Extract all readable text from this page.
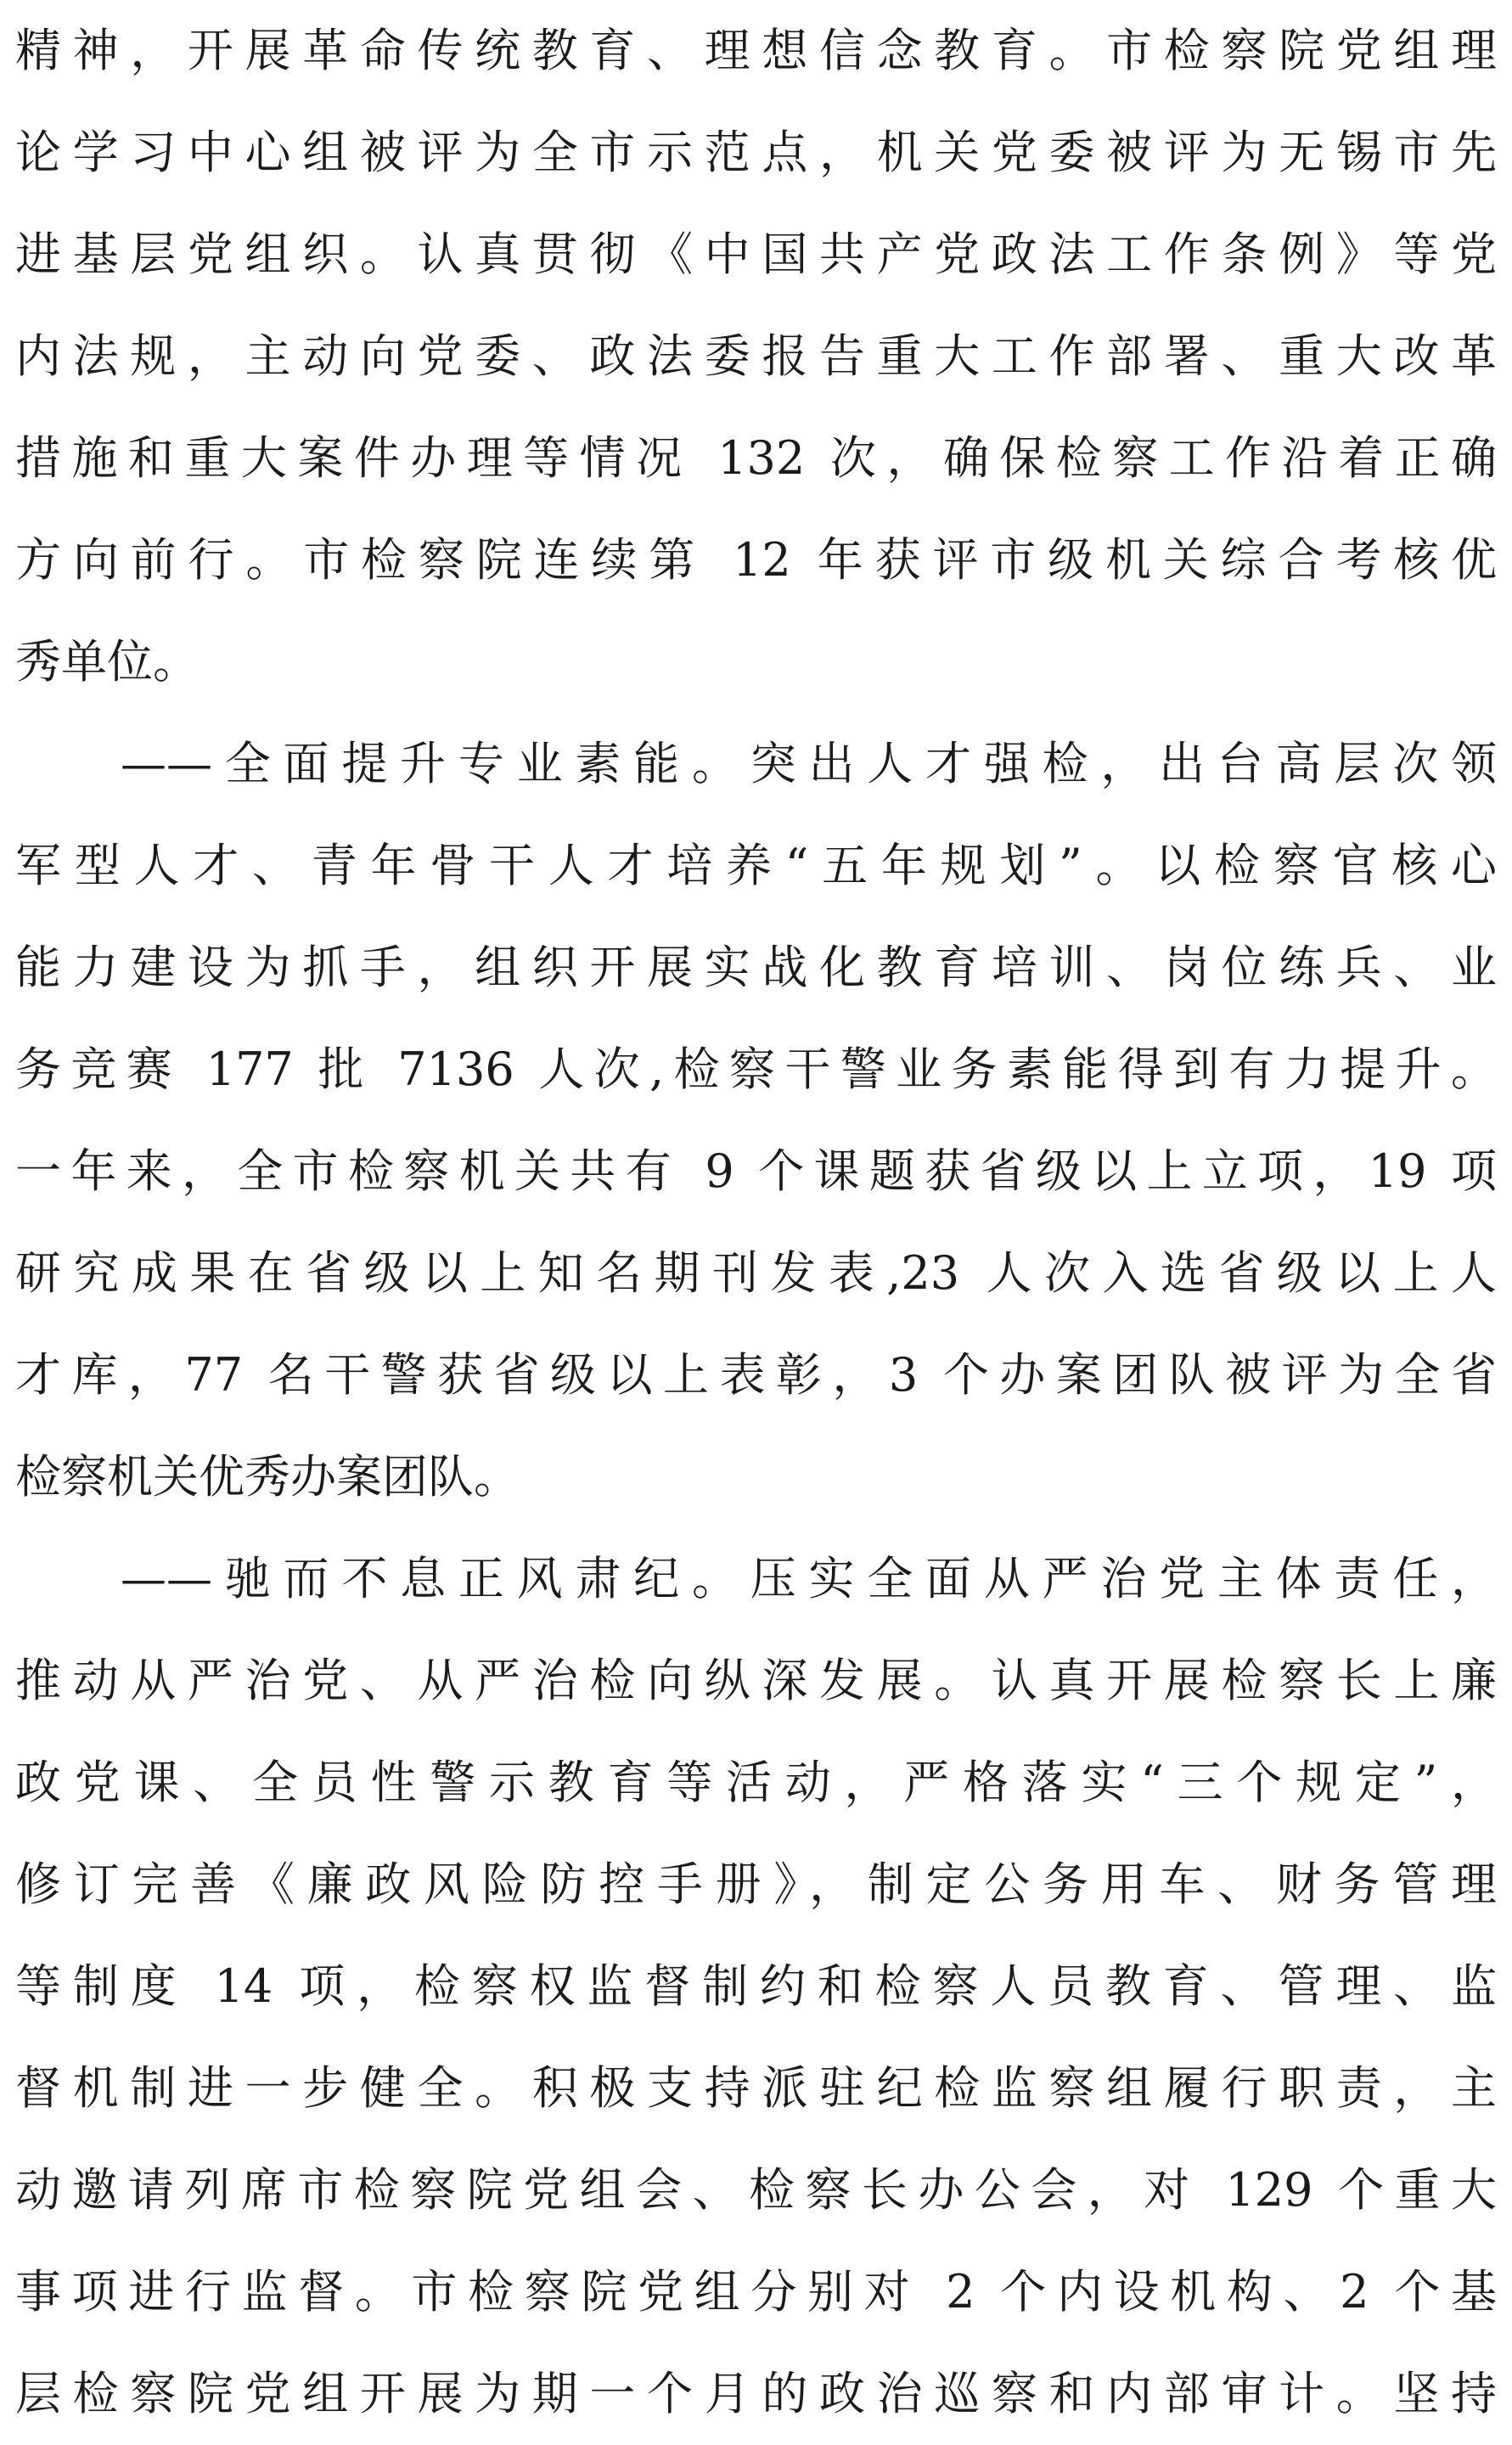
精神，开展革命传统教育、理想信念教育。市检察院党组理
论学习中心组被评为全市示范点，机关党委被评为无锡市先
进基层党组织。认真贯彻《中国共产党政法工作条例》等党
内法规，主动向党委、政法委报告重大工作部署、重大改革
措施和重大案件办理等情况 132 次，确保检察工作沿着正确
方向前行。市检察院连续第 12 年获评市级机关综合考核优
秀单位。
——全面提升专业素能。突出人才强检，出台高层次领
军型人才、青年骨干人才培养“五年规划”。以检察官核心
能力建设为抓手，组织开展实战化教育培训、岗位练兵、业
务竞赛 177 批 7136 人次,检察干警业务素能得到有力提升。
一年来，全市检察机关共有 9 个课题获省级以上立项，19 项
研究成果在省级以上知名期刊发表,23 人次入选省级以上人
才库，77 名干警获省级以上表彰，3 个办案团队被评为全省
检察机关优秀办案团队。
——驰而不息正风肃纪。压实全面从严治党主体责任，
推动从严治党、从严治检向纵深发展。认真开展检察长上廉
政党课、全员性警示教育等活动，严格落实“三个规定”，
修订完善《廉政风险防控手册》，制定公务用车、财务管理
等制度 14 项，检察权监督制约和检察人员教育、管理、监
督机制进一步健全。积极支持派驻纪检监察组履行职责，主
动邀请列席市检察院党组会、检察长办公会，对 129 个重大
事项进行监督。市检察院党组分别对 2 个内设机构、2 个基
层检察院党组开展为期一个月的政治巡察和内部审计。坚持
